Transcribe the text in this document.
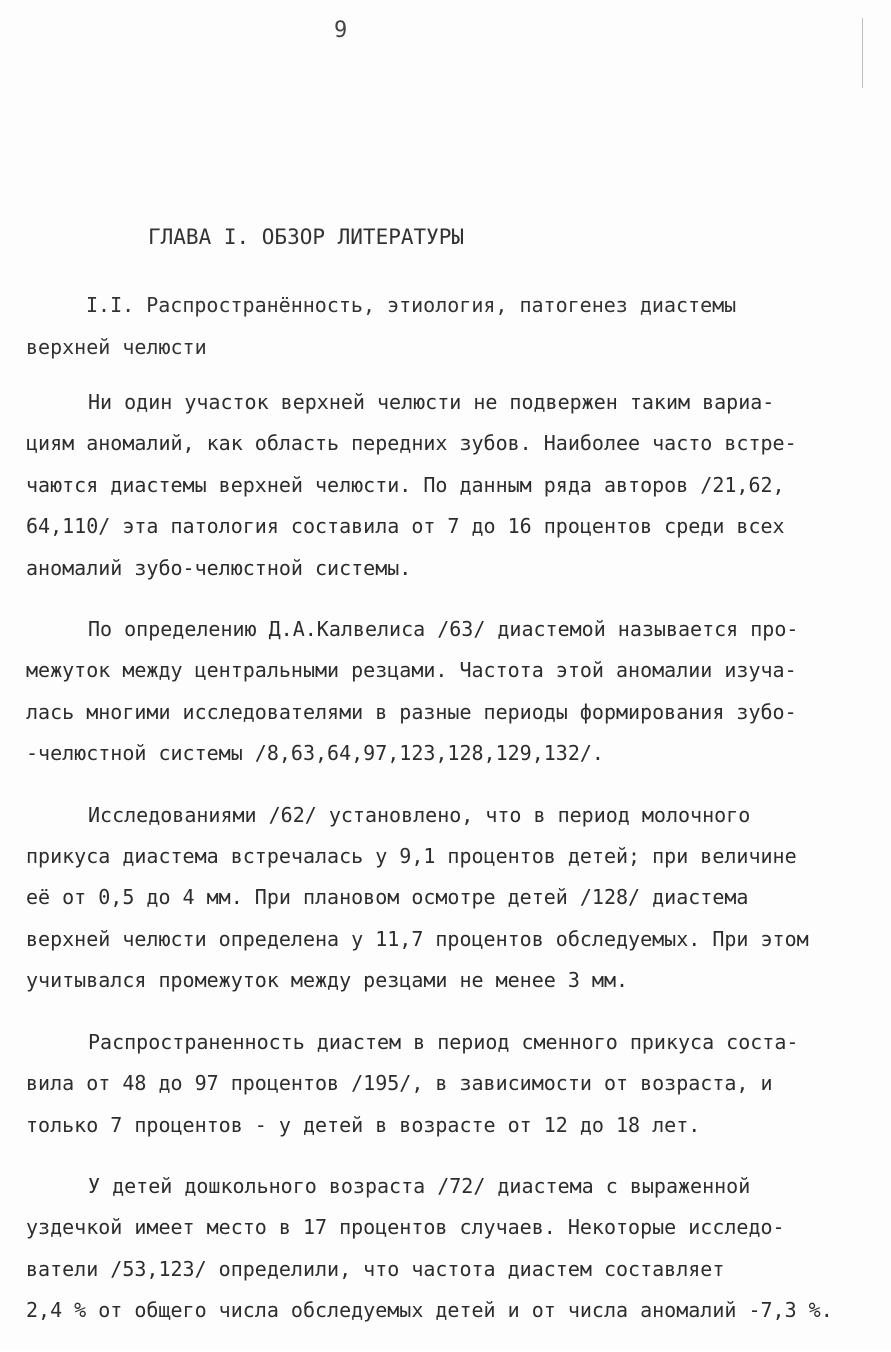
9
ГЛАВА I. ОБЗОР ЛИТЕРАТУРЫ
I.I. Распространённость, этиология, патогенез диастемы
верхней челюсти
Ни один участок верхней челюсти не подвержен таким вариа-
циям аномалий, как область передних зубов. Наиболее часто встре-
чаются диастемы верхней челюсти. По данным ряда авторов /21,62,
64,110/ эта патология составила от 7 до 16 процентов среди всех
аномалий зубо-челюстной системы.
По определению Д.А.Калвелиса /63/ диастемой называется про-
межуток между центральными резцами. Частота этой аномалии изуча-
лась многими исследователями в разные периоды формирования зубо-
-челюстной системы /8,63,64,97,123,128,129,132/.
Исследованиями /62/ установлено, что в период молочного
прикуса диастема встречалась у 9,1 процентов детей; при величине
её от 0,5 до 4 мм. При плановом осмотре детей /128/ диастема
верхней челюсти определена у 11,7 процентов обследуемых. При этом
учитывался промежуток между резцами не менее 3 мм.
Распространенность диастем в период сменного прикуса соста-
вила от 48 до 97 процентов /195/, в зависимости от возраста, и
только 7 процентов - у детей в возрасте от 12 до 18 лет.
У детей дошкольного возраста /72/ диастема с выраженной
уздечкой имеет место в 17 процентов случаев. Некоторые исследо-
ватели /53,123/ определили, что частота диастем составляет
2,4 % от общего числа обследуемых детей и от числа аномалий -7,3 %.
